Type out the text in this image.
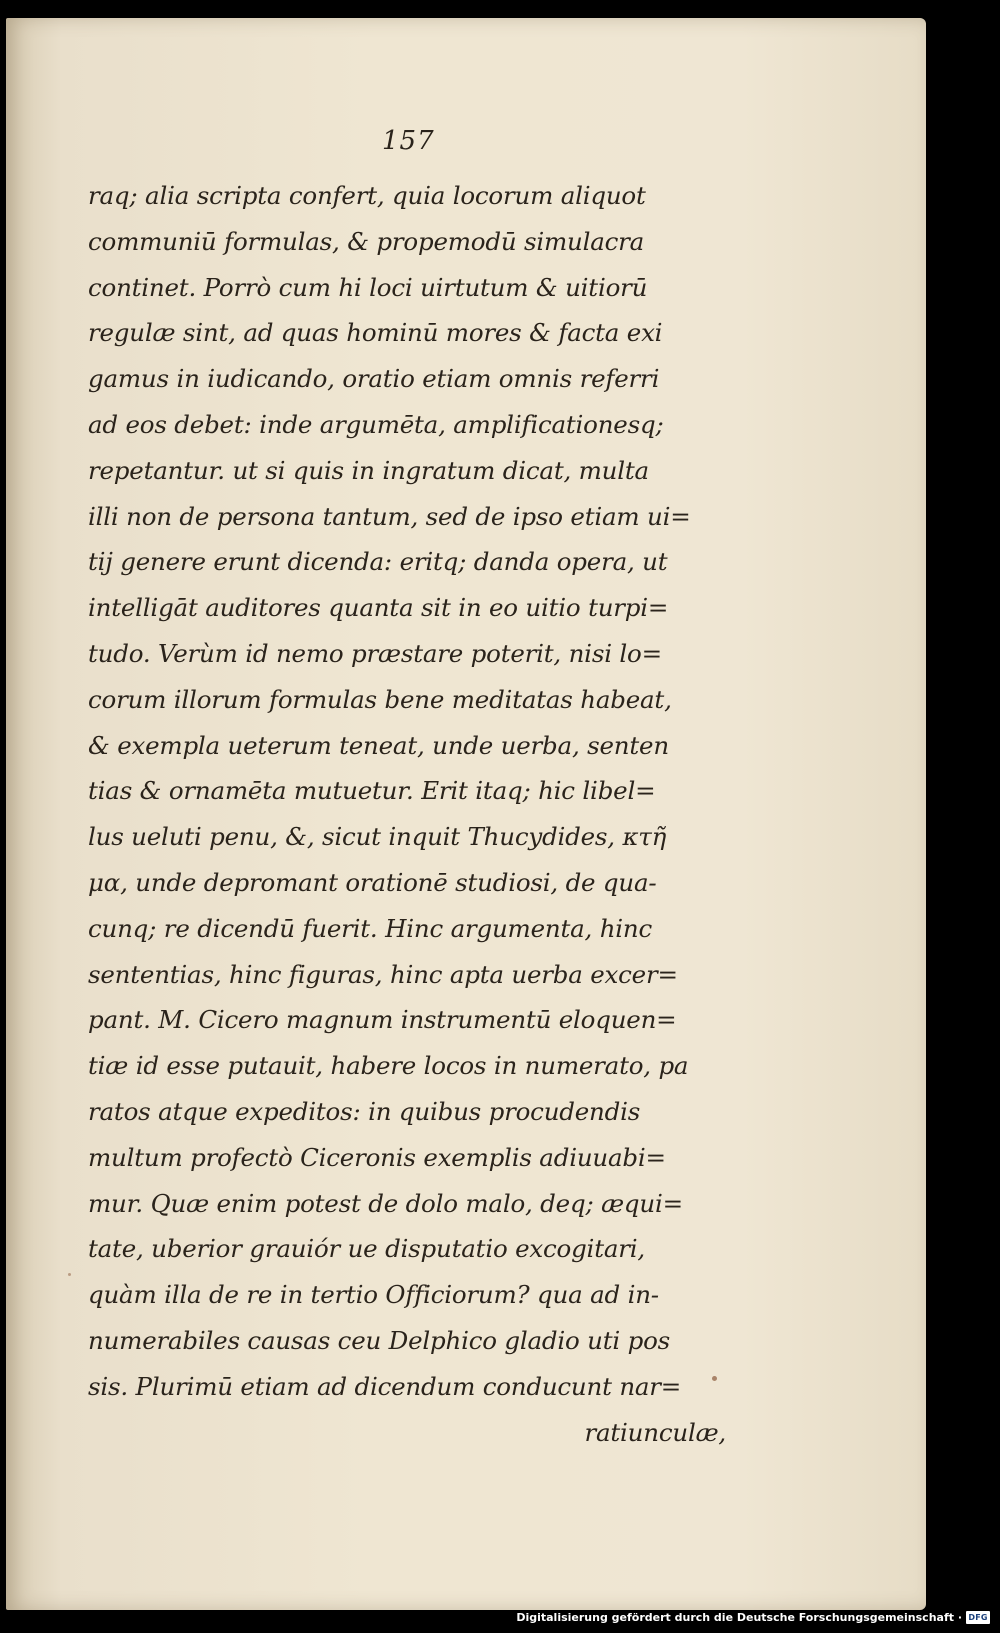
157
raq; alia scripta confert, quia locorum aliquot
communiū formulas, & propemodū simulacra
continet. Porrò cum hi loci uirtutum & uitiorū
regulæ sint, ad quas hominū mores & facta exi
gamus in iudicando, oratio etiam omnis referri
ad eos debet: inde argumēta, amplificationesq;
repetantur. ut si quis in ingratum dicat, multa
illi non de persona tantum, sed de ipso etiam ui=
tij genere erunt dicenda: eritq; danda opera, ut
intelligāt auditores quanta sit in eo uitio turpi=
tudo. Verùm id nemo præstare poterit, nisi lo=
corum illorum formulas bene meditatas habeat,
& exempla ueterum teneat, unde uerba, senten
tias & ornamēta mutuetur. Erit itaq; hic libel=
lus ueluti penu, &, sicut inquit Thucydides, κτῆ
μα, unde depromant orationē studiosi, de qua-
cunq; re dicendū fuerit. Hinc argumenta, hinc
sententias, hinc figuras, hinc apta uerba excer=
pant. M. Cicero magnum instrumentū eloquen=
tiæ id esse putauit, habere locos in numerato, pa
ratos atque expeditos: in quibus procudendis
multum profectò Ciceronis exemplis adiuuabi=
mur. Quæ enim potest de dolo malo, deq; æqui=
tate, uberior grauiór ue disputatio excogitari,
quàm illa de re in tertio Officiorum? qua ad in-
numerabiles causas ceu Delphico gladio uti pos
sis. Plurimū etiam ad dicendum conducunt nar=
ratiunculæ,
Digitalisierung gefördert durch die Deutsche Forschungsgemeinschaft · DFG
